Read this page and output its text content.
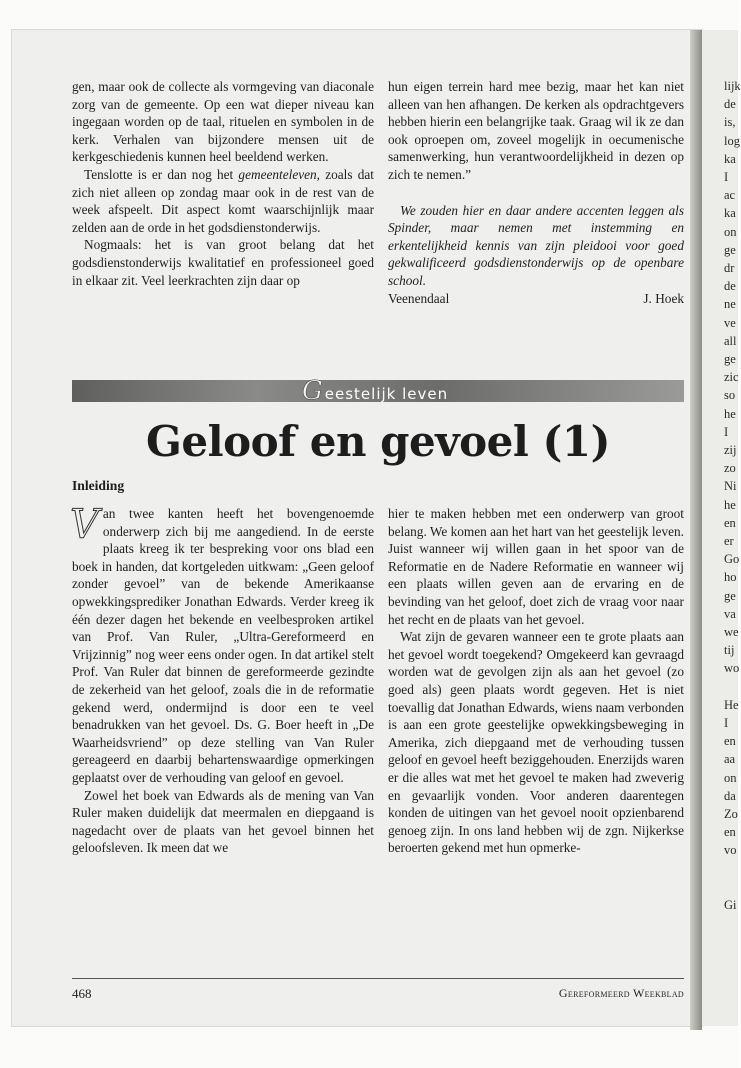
lijk
de
is,
log
ka
I
ac
ka
on
ge
dr
de
ne
ve
all
ge
zic
so
he
I
zij
zo
Ni
he
en
er
Go
ho
ge
va
we
tij
wo
He
I
en
aa
on
da
Zo
en
vo
Gi

gen, maar ook de collecte als vormgeving van diaconale zorg van de gemeente. Op een wat dieper niveau kan ingegaan worden op de taal, rituelen en symbolen in de kerk. Verhalen van bijzondere mensen uit de kerkgeschiedenis kunnen heel beeldend werken.

Tenslotte is er dan nog het gemeenteleven, zoals dat zich niet alleen op zondag maar ook in de rest van de week afspeelt. Dit aspect komt waarschijnlijk maar zelden aan de orde in het godsdienstonderwijs.

Nogmaals: het is van groot belang dat het godsdienstonderwijs kwalitatief en professioneel goed in elkaar zit. Veel leerkrachten zijn daar op

hun eigen terrein hard mee bezig, maar het kan niet alleen van hen afhangen. De kerken als opdrachtgevers hebben hierin een belangrijke taak. Graag wil ik ze dan ook oproepen om, zoveel mogelijk in oecumenische samenwerking, hun verantwoordelijkheid in dezen op zich te nemen.”

We zouden hier en daar andere accenten leggen als Spinder, maar nemen met instemming en erkentelijkheid kennis van zijn pleidooi voor goed gekwalificeerd godsdienstonderwijs op de openbare school.

Veenendaal	J. Hoek
Geestelijk leven
Geloof en gevoel (1)
Inleiding

Van twee kanten heeft het bovengenoemde onderwerp zich bij me aangediend. In de eerste plaats kreeg ik ter bespreking voor ons blad een boek in handen, dat kortgeleden uitkwam: „Geen geloof zonder gevoel” van de bekende Amerikaanse opwekkingsprediker Jonathan Edwards. Verder kreeg ik één dezer dagen het bekende en veelbesproken artikel van Prof. Van Ruler, „Ultra-Gereformeerd en Vrijzinnig” nog weer eens onder ogen. In dat artikel stelt Prof. Van Ruler dat binnen de gereformeerde gezindte de zekerheid van het geloof, zoals die in de reformatie gekend werd, ondermijnd is door een te veel benadrukken van het gevoel. Ds. G. Boer heeft in „De Waarheidsvriend” op deze stelling van Van Ruler gereageerd en daarbij behartenswaardige opmerkingen geplaatst over de verhouding van geloof en gevoel.

Zowel het boek van Edwards als de mening van Van Ruler maken duidelijk dat meermalen en diepgaand is nagedacht over de plaats van het gevoel binnen het geloofsleven. Ik meen dat we

hier te maken hebben met een onderwerp van groot belang. We komen aan het hart van het geestelijk leven. Juist wanneer wij willen gaan in het spoor van de Reformatie en de Nadere Reformatie en wanneer wij een plaats willen geven aan de ervaring en de bevinding van het geloof, doet zich de vraag voor naar het recht en de plaats van het gevoel.

Wat zijn de gevaren wanneer een te grote plaats aan het gevoel wordt toegekend? Omgekeerd kan gevraagd worden wat de gevolgen zijn als aan het gevoel (zo goed als) geen plaats wordt gegeven. Het is niet toevallig dat Jonathan Edwards, wiens naam verbonden is aan een grote geestelijke opwekkingsbeweging in Amerika, zich diepgaand met de verhouding tussen geloof en gevoel heeft beziggehouden. Enerzijds waren er die alles wat met het gevoel te maken had zweverig en gevaarlijk vonden. Voor anderen daarentegen konden de uitingen van het gevoel nooit opzienbarend genoeg zijn. In ons land hebben wij de zgn. Nijkerkse beroerten gekend met hun opmerke-

468	Gereformeerd Weekblad
